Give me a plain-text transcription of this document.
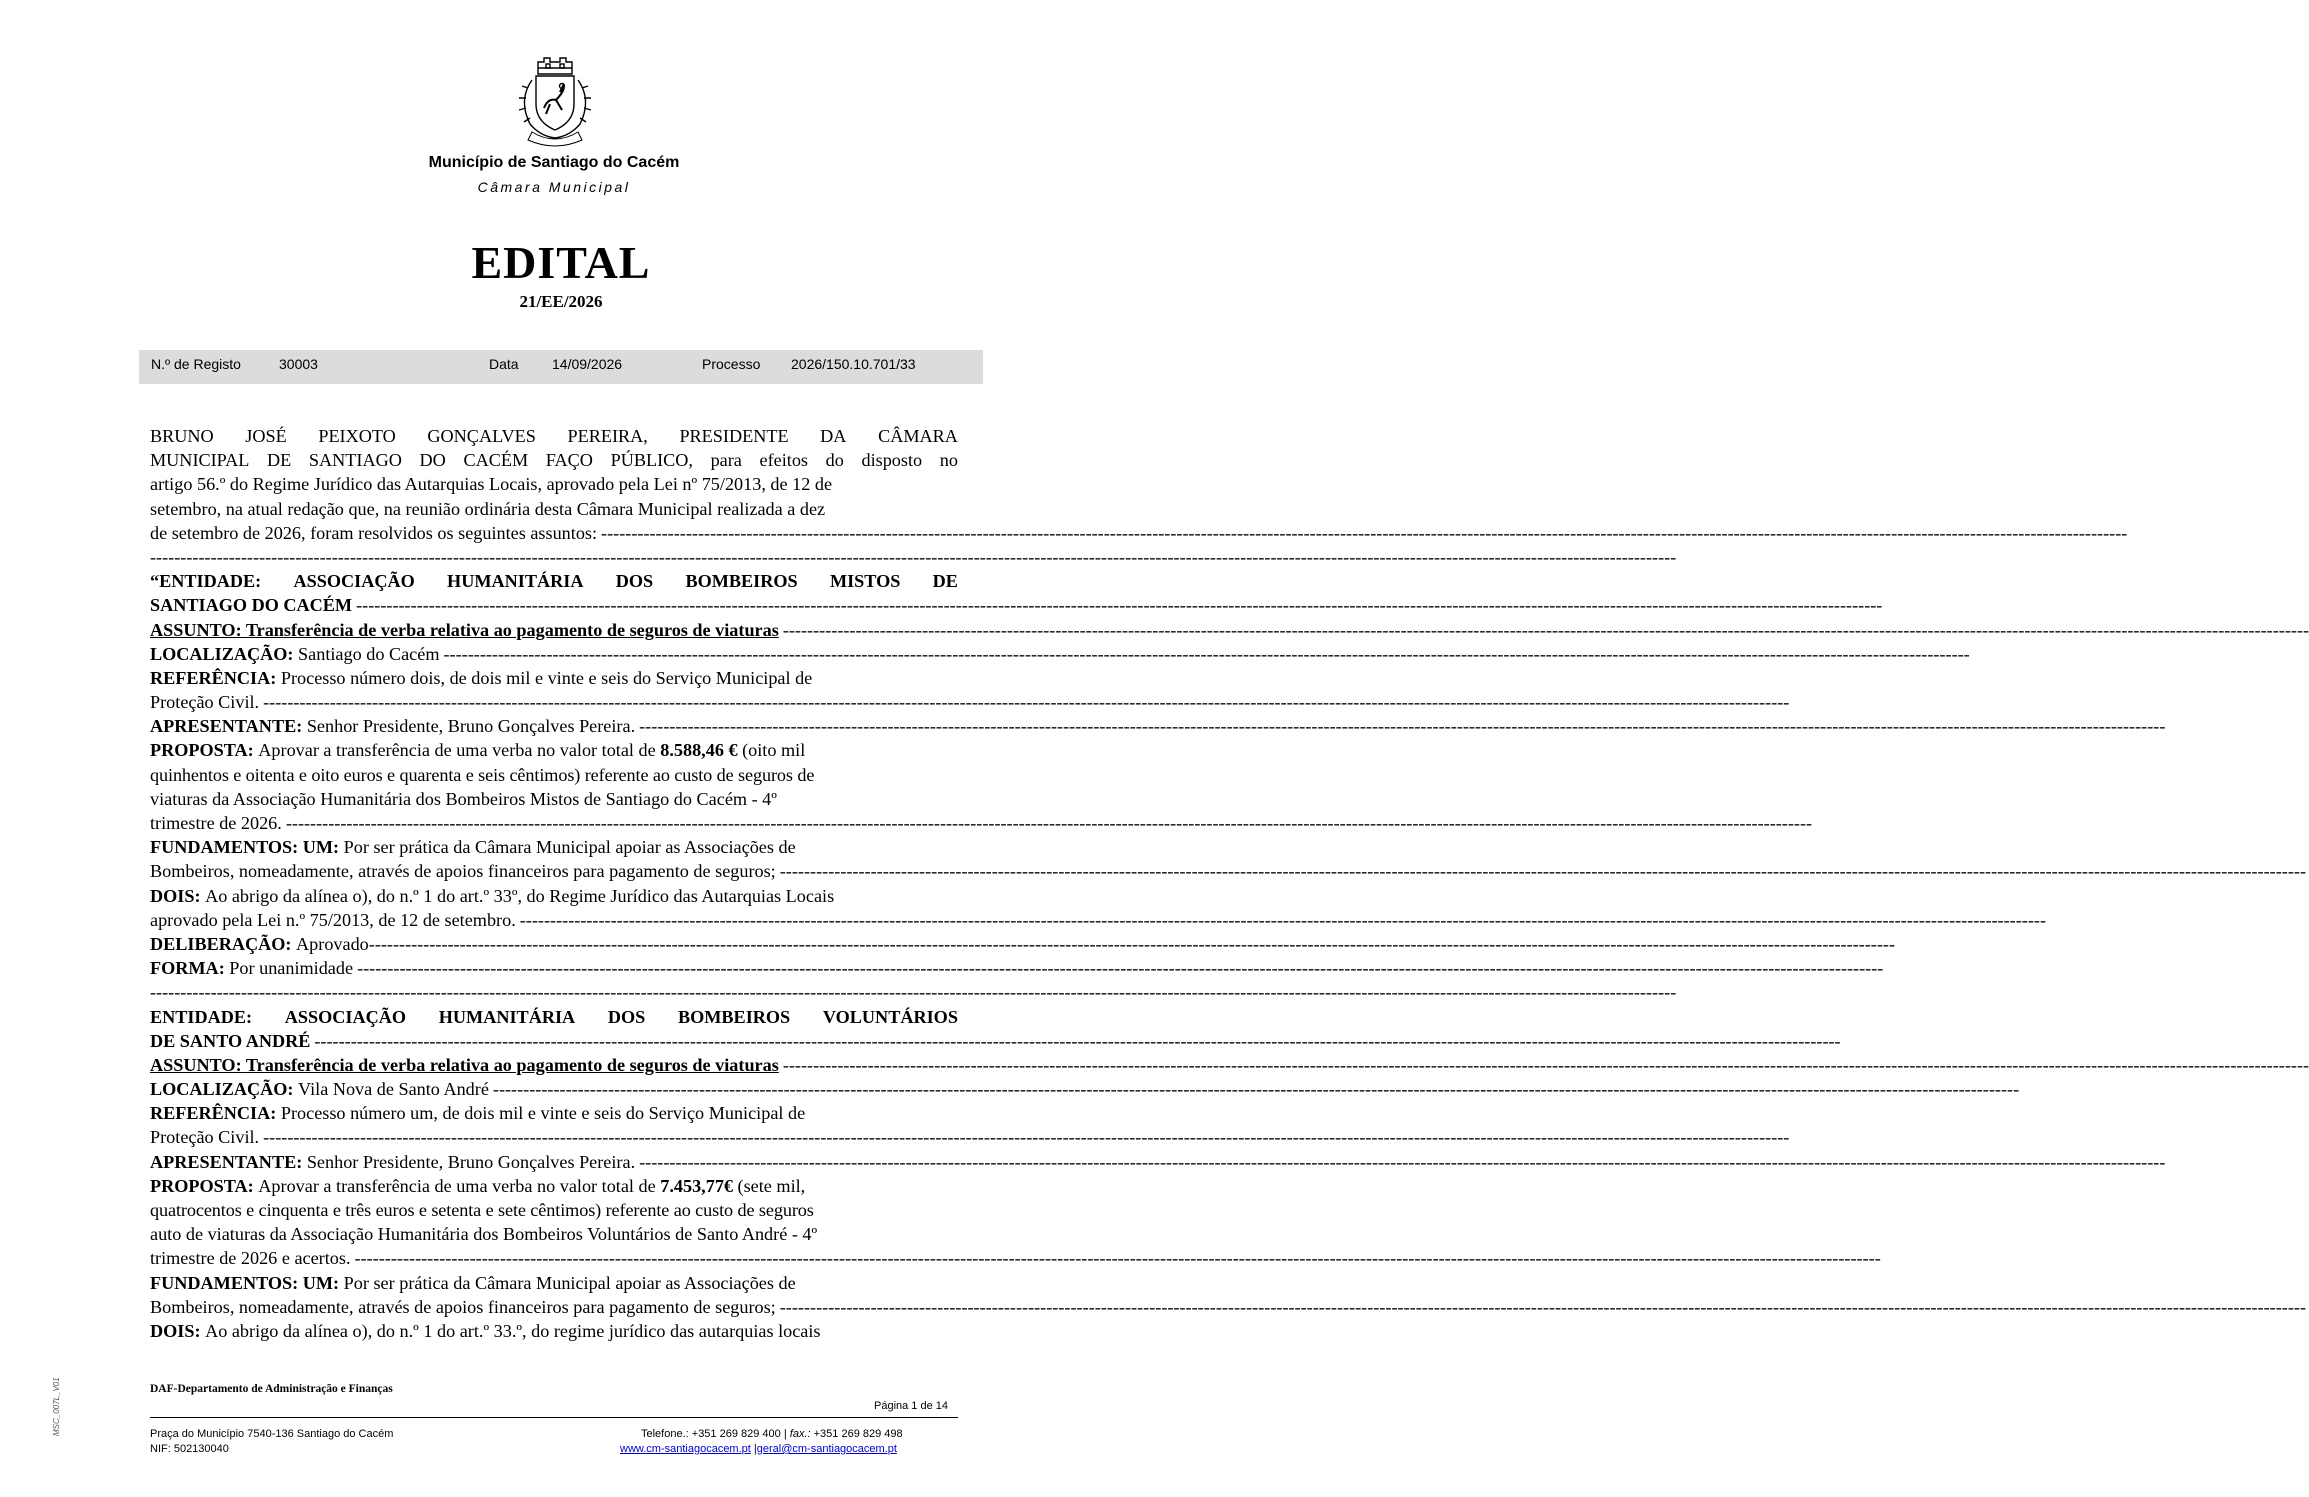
Município de Santiago do Cacém
Câmara Municipal
EDITAL
21/EE/2026
N.º de Registo	30003	Data 14/09/2026	Processo 2026/150.10.701/33
BRUNO JOSÉ PEIXOTO GONÇALVES PEREIRA, PRESIDENTE DA CÂMARA
MUNICIPAL DE SANTIAGO DO CACÉM FAÇO PÚBLICO, para efeitos do disposto no
artigo 56.º do Regime Jurídico das Autarquias Locais, aprovado pela Lei nº 75/2013, de 12 de
setembro, na atual redação que, na reunião ordinária desta Câmara Municipal realizada a dez
de setembro de 2026, foram resolvidos os seguintes assuntos: ------------------------------------------------------------------------------------------------------------------------------------------------------------------------------------------------------------------------------------------------------------
------------------------------------------------------------------------------------------------------------------------------------------------------------------------------------------------------------------------------------------------------------
“ENTIDADE: ASSOCIAÇÃO HUMANITÁRIA DOS BOMBEIROS MISTOS DE
SANTIAGO DO CACÉM ------------------------------------------------------------------------------------------------------------------------------------------------------------------------------------------------------------------------------------------------------------
ASSUNTO: Transferência de verba relativa ao pagamento de seguros de viaturas ------------------------------------------------------------------------------------------------------------------------------------------------------------------------------------------------------------------------------------------------------------
LOCALIZAÇÃO:
Santiago do Cacém ------------------------------------------------------------------------------------------------------------------------------------------------------------------------------------------------------------------------------------------------------------
REFERÊNCIA:
Processo número dois, de dois mil e vinte e seis do Serviço Municipal de
Proteção Civil. ------------------------------------------------------------------------------------------------------------------------------------------------------------------------------------------------------------------------------------------------------------
APRESENTANTE:
Senhor Presidente, Bruno Gonçalves Pereira. ------------------------------------------------------------------------------------------------------------------------------------------------------------------------------------------------------------------------------------------------------------
PROPOSTA:
Aprovar a transferência de uma verba no valor total de
8.588,46 €
(oito mil
quinhentos e oitenta e oito euros e quarenta e seis cêntimos) referente ao custo de seguros de
viaturas da Associação Humanitária dos Bombeiros Mistos de Santiago do Cacém - 4º
trimestre de 2026. ------------------------------------------------------------------------------------------------------------------------------------------------------------------------------------------------------------------------------------------------------------
FUNDAMENTOS: UM:
Por ser prática da Câmara Municipal apoiar as Associações de
Bombeiros, nomeadamente, através de apoios financeiros para pagamento de seguros; ------------------------------------------------------------------------------------------------------------------------------------------------------------------------------------------------------------------------------------------------------------
DOIS:
Ao abrigo da alínea o), do n.º 1 do art.º 33º, do Regime Jurídico das Autarquias Locais
aprovado pela Lei n.º 75/2013, de 12 de setembro. ------------------------------------------------------------------------------------------------------------------------------------------------------------------------------------------------------------------------------------------------------------
DELIBERAÇÃO:
Aprovado ------------------------------------------------------------------------------------------------------------------------------------------------------------------------------------------------------------------------------------------------------------
FORMA:
Por unanimidade ------------------------------------------------------------------------------------------------------------------------------------------------------------------------------------------------------------------------------------------------------------
------------------------------------------------------------------------------------------------------------------------------------------------------------------------------------------------------------------------------------------------------------
ENTIDADE: ASSOCIAÇÃO HUMANITÁRIA DOS BOMBEIROS VOLUNTÁRIOS
DE SANTO ANDRÉ ------------------------------------------------------------------------------------------------------------------------------------------------------------------------------------------------------------------------------------------------------------
ASSUNTO: Transferência de verba relativa ao pagamento de seguros de viaturas ------------------------------------------------------------------------------------------------------------------------------------------------------------------------------------------------------------------------------------------------------------
LOCALIZAÇÃO:
Vila Nova de Santo André ------------------------------------------------------------------------------------------------------------------------------------------------------------------------------------------------------------------------------------------------------------
REFERÊNCIA:
Processo número um, de dois mil e vinte e seis do Serviço Municipal de
Proteção Civil. ------------------------------------------------------------------------------------------------------------------------------------------------------------------------------------------------------------------------------------------------------------
APRESENTANTE:
Senhor Presidente, Bruno Gonçalves Pereira. ------------------------------------------------------------------------------------------------------------------------------------------------------------------------------------------------------------------------------------------------------------
PROPOSTA:
Aprovar a transferência de uma verba no valor total de
7.453,77€
(sete mil,
quatrocentos e cinquenta e três euros e setenta e sete cêntimos) referente ao custo de seguros
auto de viaturas da Associação Humanitária dos Bombeiros Voluntários de Santo André - 4º
trimestre de 2026 e acertos. ------------------------------------------------------------------------------------------------------------------------------------------------------------------------------------------------------------------------------------------------------------
FUNDAMENTOS: UM:
Por ser prática da Câmara Municipal apoiar as Associações de
Bombeiros, nomeadamente, através de apoios financeiros para pagamento de seguros; ------------------------------------------------------------------------------------------------------------------------------------------------------------------------------------------------------------------------------------------------------------
DOIS:
Ao abrigo da alínea o), do n.º 1 do art.º 33.º, do regime jurídico das autarquias locais
DAF-Departamento de Administração e Finanças
Página 1 de 14
Praça do Município 7540-136 Santiago do Cacém
NIF: 502130040
Telefone.: +351 269 829 400 | fax.: +351 269 829 498
www.cm-santiagocacem.pt |geral@cm-santiagocacem.pt
MSC_007L_V01
